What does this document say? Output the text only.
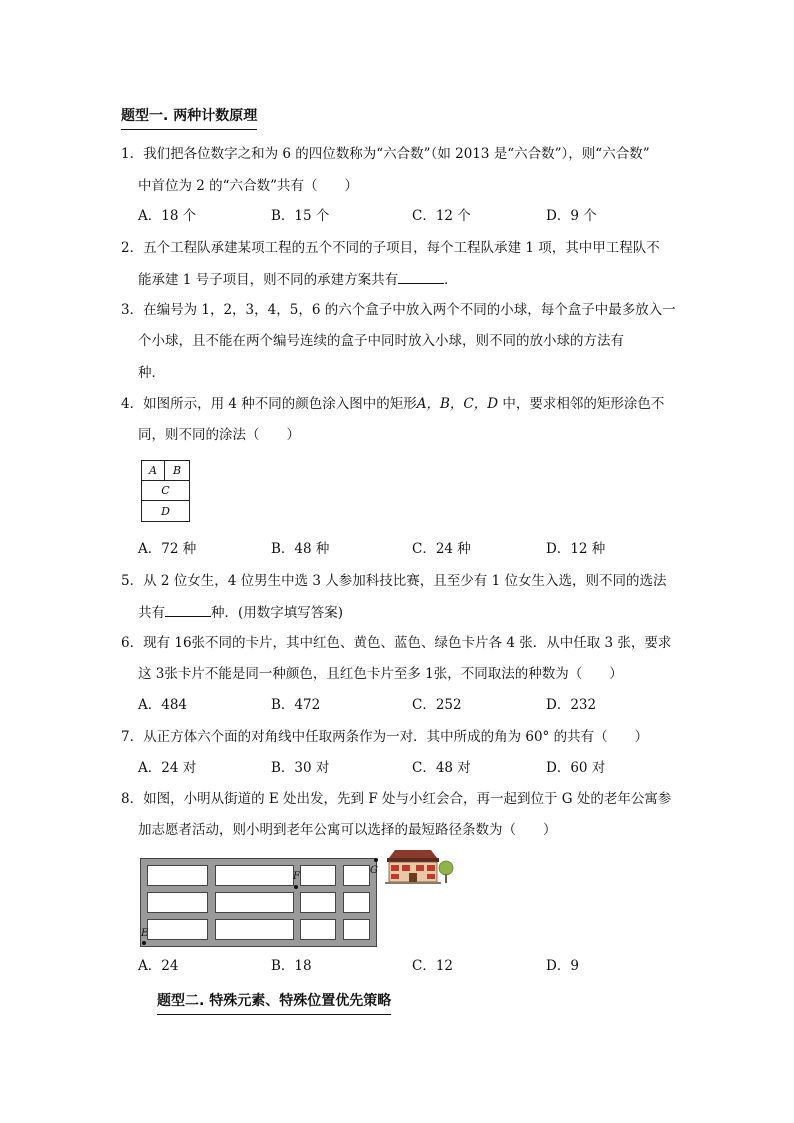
题型一. 两种计数原理
1．我们把各位数字之和为 6 的四位数称为“六合数”（如 2013 是“六合数”），则“六合数”
中首位为 2 的“六合数”共有（　　）
A．18 个	B．15 个	C．12 个	D．9 个
2．五个工程队承建某项工程的五个不同的子项目，每个工程队承建 1 项，其中甲工程队不
能承建 1 号子项目，则不同的承建方案共有	．
3．在编号为 1，2，3，4，5，6 的六个盒子中放入两个不同的小球，每个盒子中最多放入一
个小球，且不能在两个编号连续的盒子中同时放入小球，则不同的放小球的方法有
种．
4．如图所示，用 4 种不同的颜色涂入图中的矩形A，B，C，D 中，要求相邻的矩形涂色不
同，则不同的涂法（　　）
A	B
C
D
A．72 种	B．48 种	C．24 种	D．12 种
5．从 2 位女生，4 位男生中选 3 人参加科技比赛，且至少有 1 位女生入选，则不同的选法
共有	种．(用数字填写答案)
6．现有 16张不同的卡片，其中红色、黄色、蓝色、绿色卡片各 4 张．从中任取 3 张，要求
这 3张卡片不能是同一种颜色，且红色卡片至多 1张，不同取法的种数为（　　）
A．484	B．472	C．252	D．232
7．从正方体六个面的对角线中任取两条作为一对．其中所成的角为 60° 的共有（　　）
A．24 对	B．30 对	C．48 对	D．60 对
8．如图，小明从街道的 E 处出发，先到 F 处与小红会合，再一起到位于 G 处的老年公寓参
加志愿者活动，则小明到老年公寓可以选择的最短路径条数为（　　）
F
G
E
A．24	B．18	C．12	D．9
题型二. 特殊元素、特殊位置优先策略
